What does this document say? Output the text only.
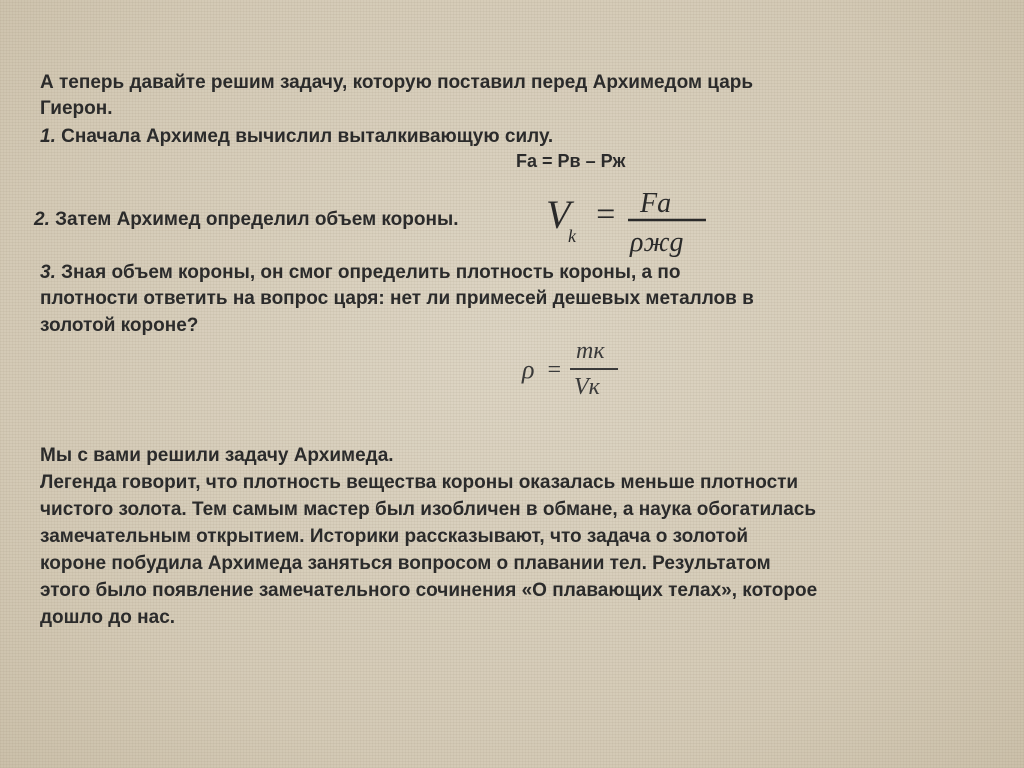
А теперь давайте решим задачу, которую поставил перед Архимедом царь
Гиерон.
1. Сначала Архимед вычислил выталкивающую силу.
Fa = Pв – Pж
2. Затем Архимед определил объем короны. V
k
= Fa
ρжg
3. Зная объем короны, он смог определить плотность короны, а по
плотности ответить на вопрос царя: нет ли примесей дешевых металлов в
золотой короне?
ρ =
mк
Vк
Мы с вами решили задачу Архимеда.
Легенда говорит, что плотность вещества короны оказалась меньше плотности
чистого золота. Тем самым мастер был изобличен в обмане, а наука обогатилась
замечательным открытием. Историки рассказывают, что задача о золотой
короне побудила Архимеда заняться вопросом о плавании тел. Результатом
этого было появление замечательного сочинения «О плавающих телах», которое
дошло до нас.
